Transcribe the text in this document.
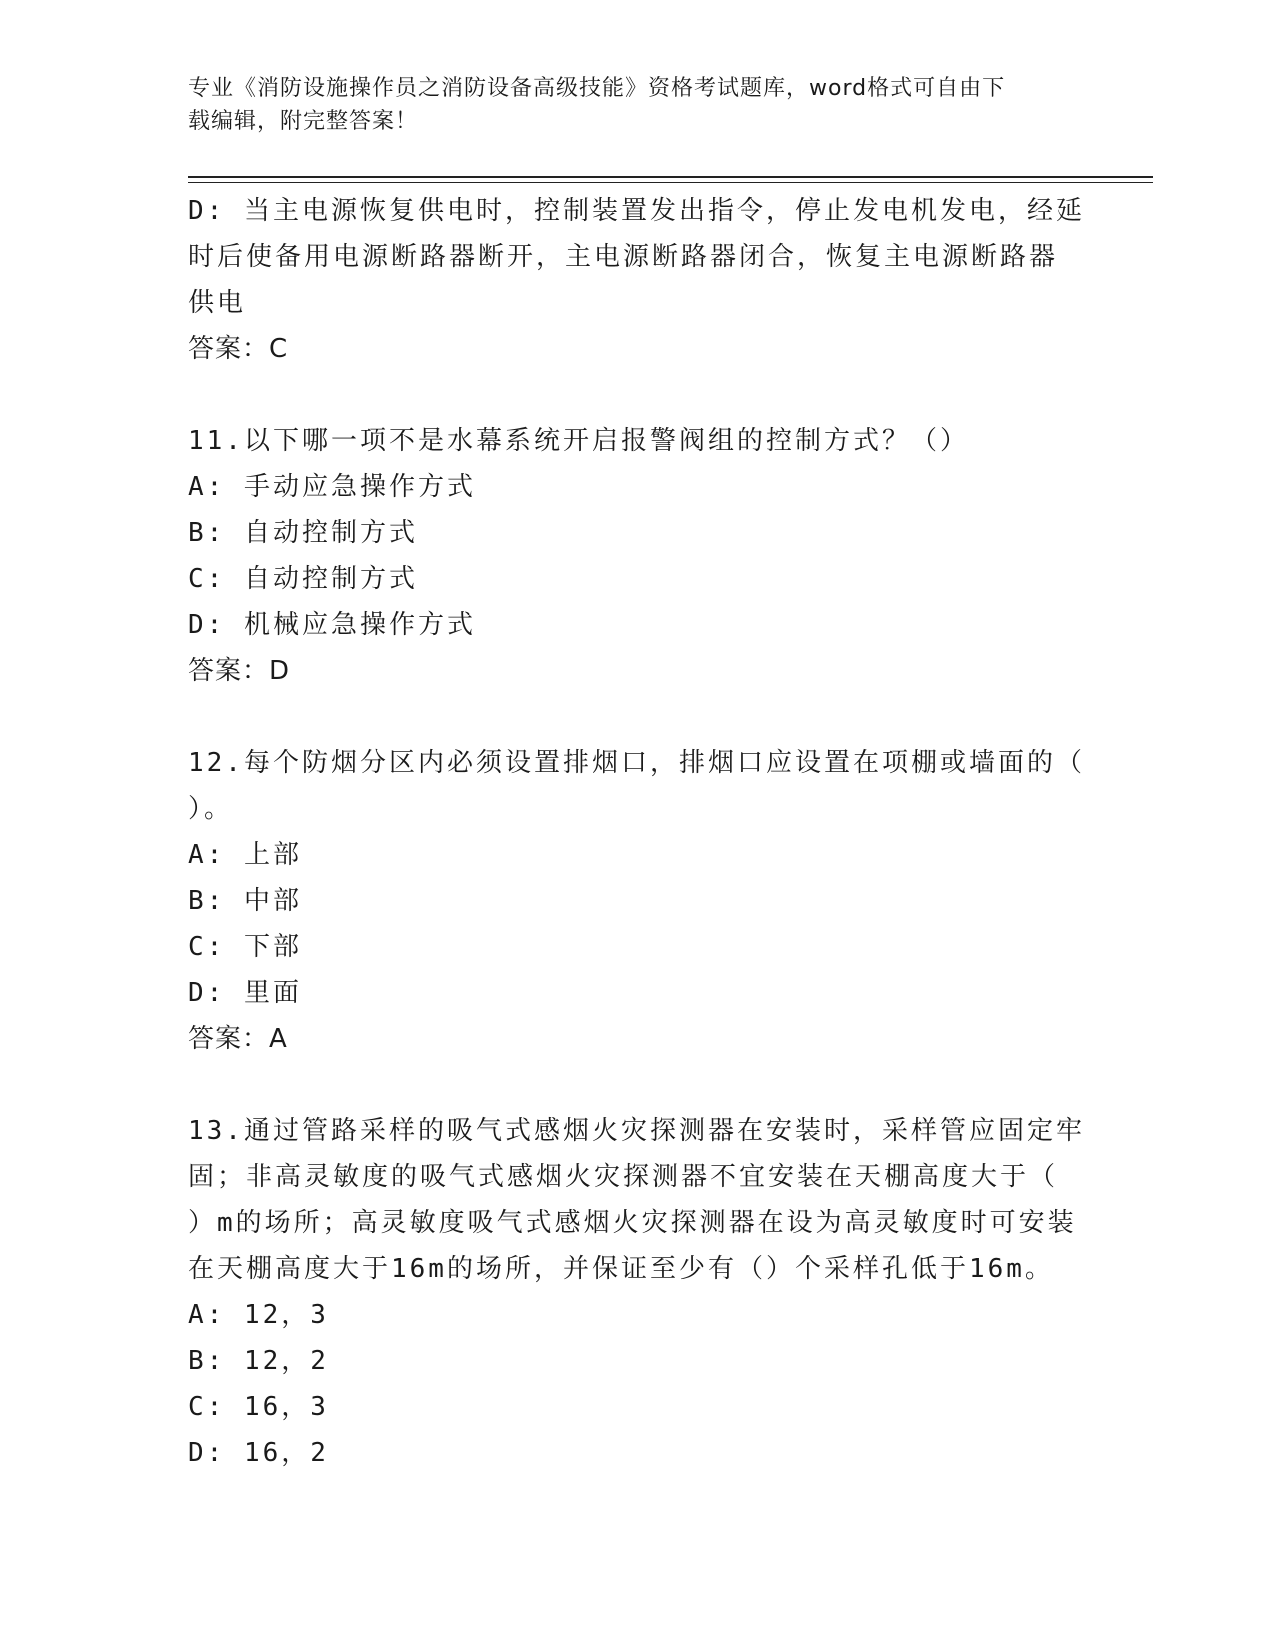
专业《消防设施操作员之消防设备高级技能》资格考试题库，word格式可自由下
载编辑，附完整答案！
D: 当主电源恢复供电时，控制装置发出指令，停止发电机发电，经延
时后使备用电源断路器断开，主电源断路器闭合，恢复主电源断路器
供电
答案：C
11.以下哪一项不是水幕系统开启报警阀组的控制方式？（）
A: 手动应急操作方式
B: 自动控制方式
C: 自动控制方式
D: 机械应急操作方式
答案：D
12.每个防烟分区内必须设置排烟口，排烟口应设置在项棚或墙面的（
）。
A: 上部
B: 中部
C: 下部
D: 里面
答案：A
13.通过管路采样的吸气式感烟火灾探测器在安装时，采样管应固定牢
固；非高灵敏度的吸气式感烟火灾探测器不宜安装在天棚高度大于（
）m的场所；高灵敏度吸气式感烟火灾探测器在设为高灵敏度时可安装
在天棚高度大于16m的场所，并保证至少有（）个采样孔低于16m。
A: 12，3
B: 12，2
C: 16，3
D: 16，2
